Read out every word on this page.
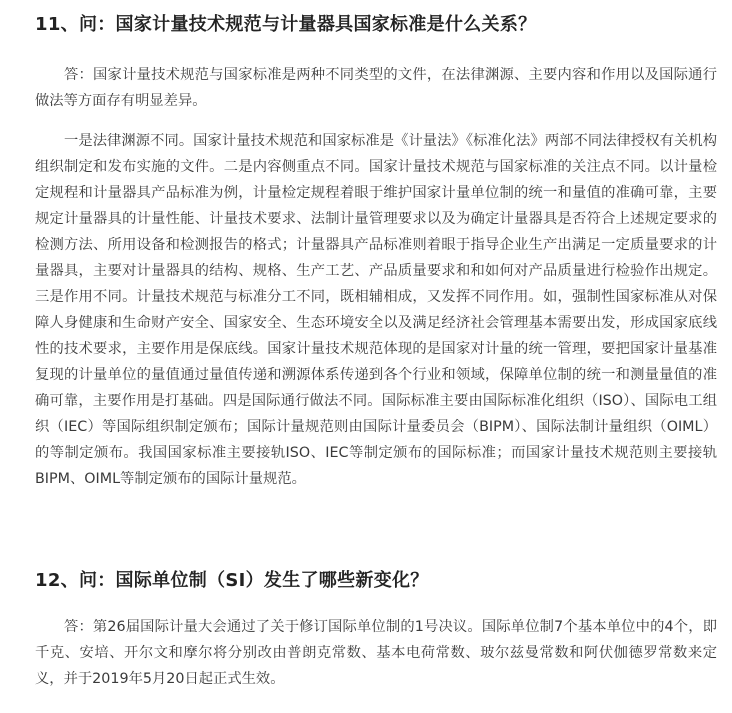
11、问：国家计量技术规范与计量器具国家标准是什么关系？

答：国家计量技术规范与国家标准是两种不同类型的文件，在法律渊源、主要内容和作用以及国际通行做法等方面存有明显差异。

一是法律渊源不同。国家计量技术规范和国家标准是《计量法》《标准化法》两部不同法律授权有关机构组织制定和发布实施的文件。二是内容侧重点不同。国家计量技术规范与国家标准的关注点不同。以计量检定规程和计量器具产品标准为例，计量检定规程着眼于维护国家计量单位制的统一和量值的准确可靠，主要规定计量器具的计量性能、计量技术要求、法制计量管理要求以及为确定计量器具是否符合上述规定要求的检测方法、所用设备和检测报告的格式；计量器具产品标准则着眼于指导企业生产出满足一定质量要求的计量器具，主要对计量器具的结构、规格、生产工艺、产品质量要求和和如何对产品质量进行检验作出规定。三是作用不同。计量技术规范与标准分工不同，既相辅相成，又发挥不同作用。如，强制性国家标准从对保障人身健康和生命财产安全、国家安全、生态环境安全以及满足经济社会管理基本需要出发，形成国家底线性的技术要求，主要作用是保底线。国家计量技术规范体现的是国家对计量的统一管理，要把国家计量基准复现的计量单位的量值通过量值传递和溯源体系传递到各个行业和领域，保障单位制的统一和测量量值的准确可靠，主要作用是打基础。四是国际通行做法不同。国际标准主要由国际标准化组织（ISO）、国际电工组织（IEC）等国际组织制定颁布；国际计量规范则由国际计量委员会（BIPM）、国际法制计量组织（OIML）的等制定颁布。我国国家标准主要接轨ISO、IEC等制定颁布的国际标准；而国家计量技术规范则主要接轨BIPM、OIML等制定颁布的国际计量规范。

12、问：国际单位制（SI）发生了哪些新变化？

答：第26届国际计量大会通过了关于修订国际单位制的1号决议。国际单位制7个基本单位中的4个，即千克、安培、开尔文和摩尔将分别改由普朗克常数、基本电荷常数、玻尔兹曼常数和阿伏伽德罗常数来定义，并于2019年5月20日起正式生效。
